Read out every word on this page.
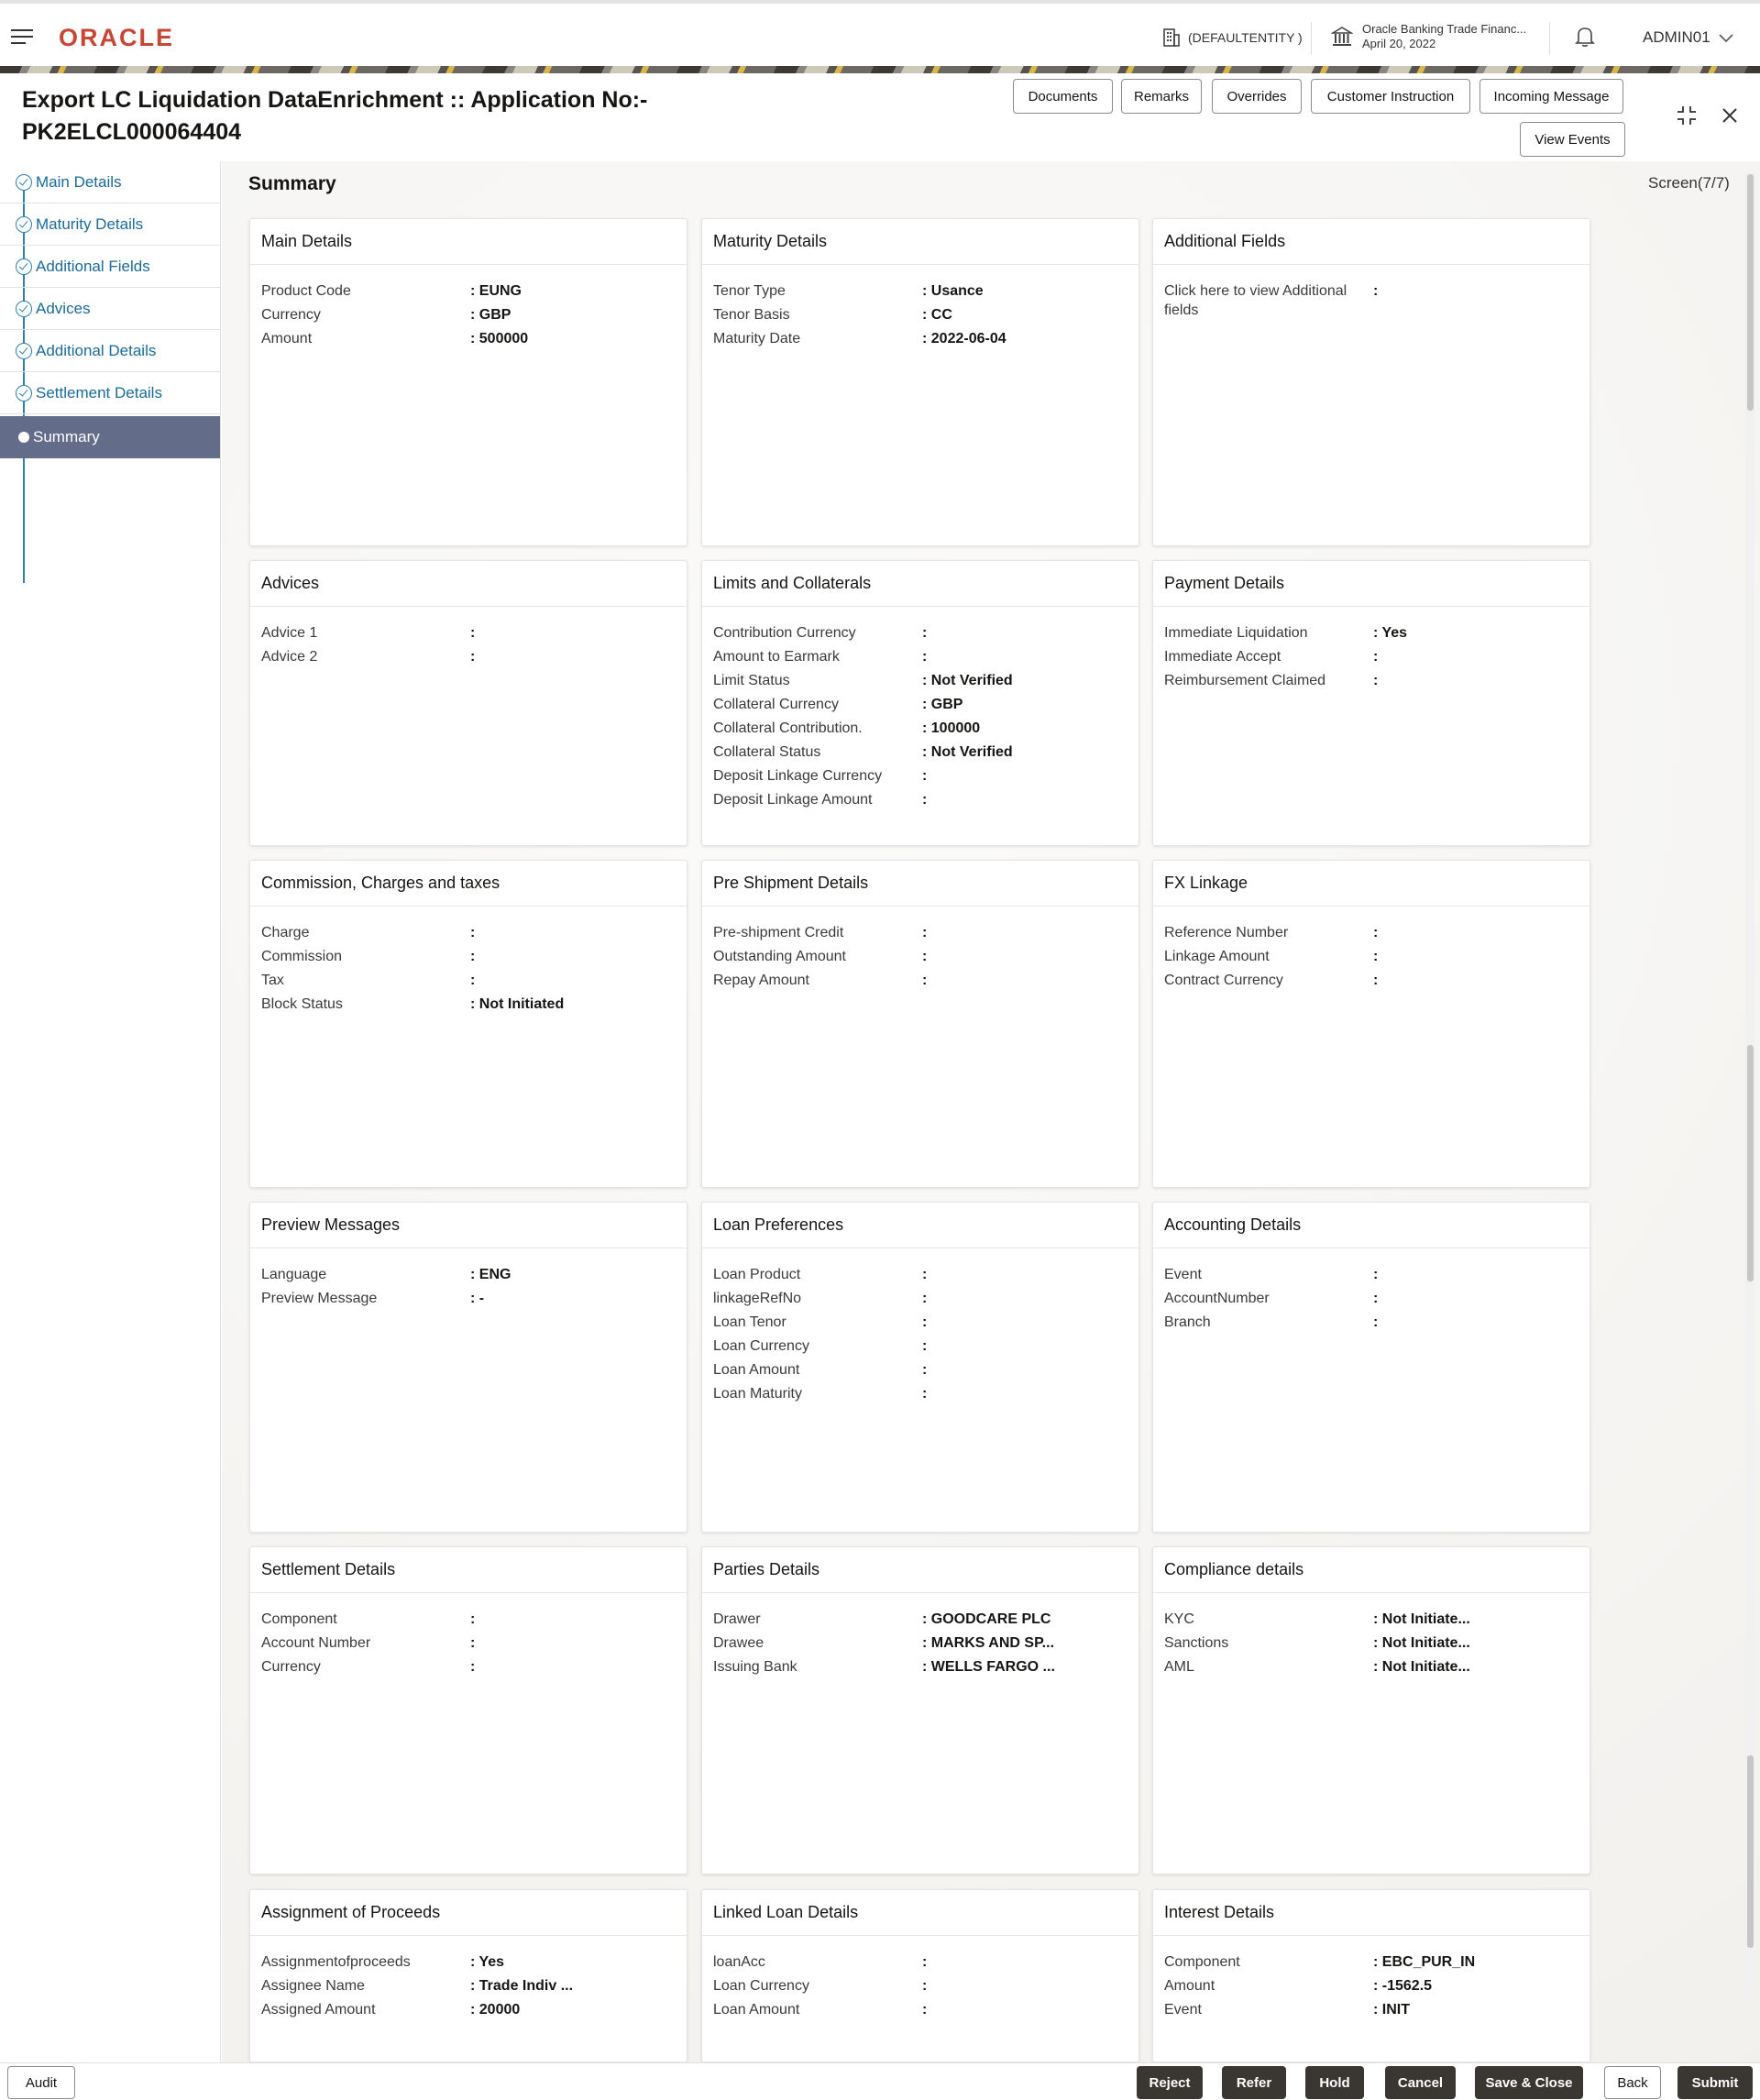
ORACLE	(DEFAULTENTITY )
Oracle Banking Trade Financ...
April 20, 2022	ADMIN01
Export LC Liquidation DataEnrichment :: Application No:-
PK2ELCL000064404
Documents	Remarks	Overrides	Customer Instruction	Incoming Message
View Events
Main Details
Maturity Details
Additional Fields
Advices
Additional Details
Settlement Details
Summary
Summary	Screen(7/7)
Main Details
Product Code	: EUNG
Currency	: GBP
Amount	: 500000
Maturity Details
Tenor Type	: Usance
Tenor Basis	: CC
Maturity Date	: 2022-06-04
Additional Fields
Click here to view Additional fields
:
Advices
Advice 1	:
Advice 2	:
Limits and Collaterals
Contribution Currency	:
Amount to Earmark	:
Limit Status	: Not Verified
Collateral Currency	: GBP
Collateral Contribution.	: 100000
Collateral Status	: Not Verified
Deposit Linkage Currency	:
Deposit Linkage Amount	:
Payment Details
Immediate Liquidation	: Yes
Immediate Accept	:
Reimbursement Claimed	:
Commission, Charges and taxes
Charge	:
Commission	:
Tax	:
Block Status	: Not Initiated
Pre Shipment Details
Pre-shipment Credit	:
Outstanding Amount	:
Repay Amount	:
FX Linkage
Reference Number	:
Linkage Amount	:
Contract Currency	:
Preview Messages
Language	: ENG
Preview Message	: -
Loan Preferences
Loan Product	:
linkageRefNo	:
Loan Tenor	:
Loan Currency	:
Loan Amount	:
Loan Maturity	:
Accounting Details
Event	:
AccountNumber	:
Branch	:
Settlement Details
Component	:
Account Number	:
Currency	:
Parties Details
Drawer	: GOODCARE PLC
Drawee	: MARKS AND SP...
Issuing Bank	: WELLS FARGO ...
Compliance details
KYC	: Not Initiate...
Sanctions	: Not Initiate...
AML	: Not Initiate...
Assignment of Proceeds
Assignmentofproceeds	: Yes
Assignee Name	: Trade Indiv ...
Assigned Amount	: 20000
Linked Loan Details
loanAcc	:
Loan Currency	:
Loan Amount	:
Interest Details
Component	: EBC_PUR_IN
Amount	: -1562.5
Event	: INIT
Audit	Reject	Refer	Hold	Cancel	Save & Close	Back	Submit
